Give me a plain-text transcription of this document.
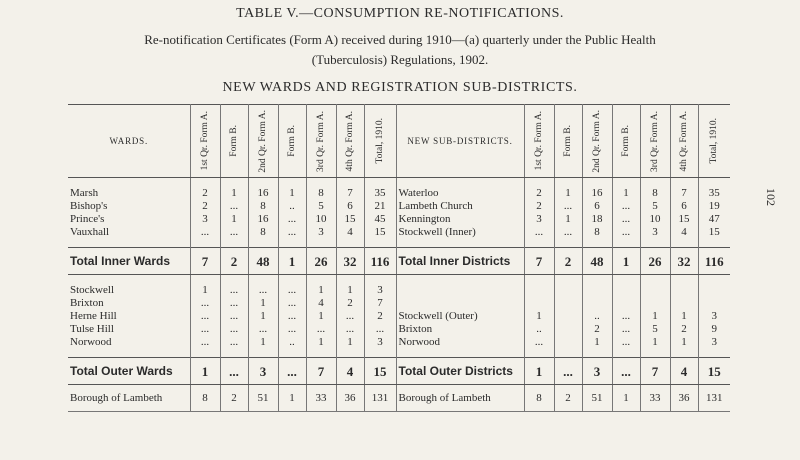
TABLE V.—CONSUMPTION RE-NOTIFICATIONS.
Re-notification Certificates (Form A) received during 1910—(a) quarterly under the Public Health
(Tuberculosis) Regulations, 1902.
NEW WARDS AND REGISTRATION SUB-DISTRICTS.
102
WARDS.	1st Qr. Form A.	Form B.	2nd Qr. Form A.	Form B.	3rd Qr. Form A.	4th Qr. Form A.	Total, 1910.	NEW SUB-DISTRICTS.	1st Qr. Form A.	Form B.	2nd Qr. Form A.	Form B.	3rd Qr. Form A.	4th Qr. Form A.	Total, 1910.

Marsh	2	1	16	1	8	7	35	Waterloo	2	1	16	1	8	7	35
Bishop's	2	...	8	..	5	6	21	Lambeth Church	2	...	6	...	5	6	19
Prince's	3	1	16	...	10	15	45	Kennington	3	1	18	...	10	15	47
Vauxhall	...	...	8	...	3	4	15	Stockwell (Inner)	...	...	8	...	3	4	15

Total Inner Wards	7	2	48	1	26	32	116	Total Inner Districts	7	2	48	1	26	32	116

Stockwell	1	...	...	...	1	1	3								
Brixton	...	...	1	...	4	2	7								
Herne Hill	...	...	1	...	1	...	2	Stockwell (Outer)	1		..	...	1	1	3
Tulse Hill	...	...	...	...	...	...	...	Brixton	..		2	...	5	2	9
Norwood	...	...	1	..	1	1	3	Norwood	...		1	...	1	1	3

Total Outer Wards	1	...	3	...	7	4	15	Total Outer Districts	1	...	3	...	7	4	15
Borough of Lambeth	8	2	51	1	33	36	131	Borough of Lambeth	8	2	51	1	33	36	131
